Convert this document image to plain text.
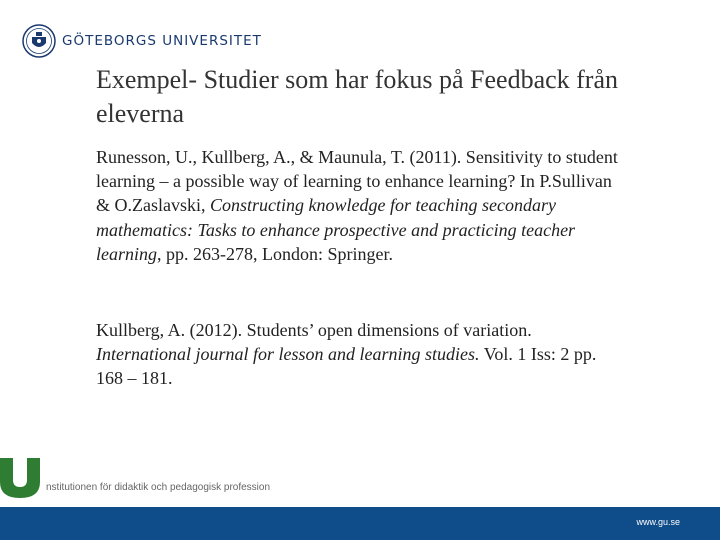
GÖTEBORGS UNIVERSITET
Exempel- Studier som har fokus på Feedback från eleverna

Runesson, U., Kullberg, A., & Maunula, T. (2011). Sensitivity to student learning – a possible way of learning to enhance learning? In P.Sullivan & O.Zaslavski, Constructing knowledge for teaching secondary mathematics: Tasks to enhance prospective and practicing teacher learning, pp. 263-278, London: Springer.

Kullberg, A. (2012). Students’ open dimensions of variation. International journal for lesson and learning studies. Vol. 1 Iss: 2 pp. 168 – 181.

nstitutionen för didaktik och pedagogisk profession
www.gu.se
